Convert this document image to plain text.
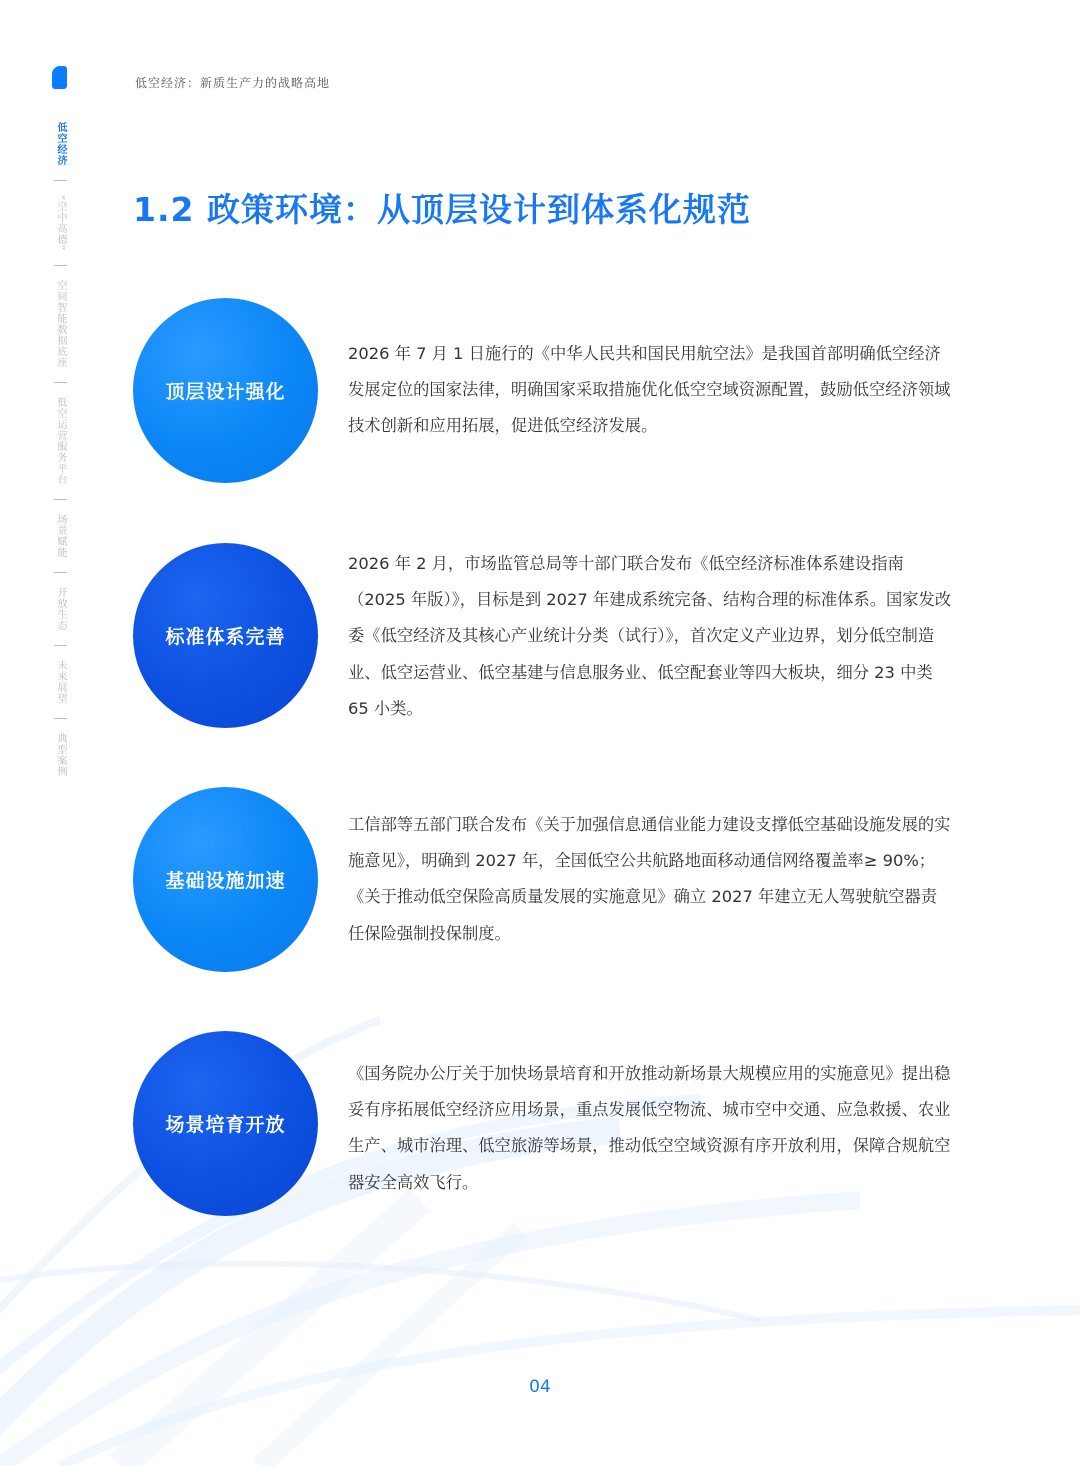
低空经济：新质生产力的战略高地
低空经济
“空中高德”
空间智能数据底座
低空运营服务平台
场景赋能
开放生态
未来展望
典型案例
1.2 政策环境：从顶层设计到体系化规范
顶层设计强化

2026 年 7 月 1 日施行的《中华人民共和国民用航空法》是我国首部明确低空经济发展定位的国家法律，明确国家采取措施优化低空空域资源配置，鼓励低空经济领域技术创新和应用拓展，促进低空经济发展。

标准体系完善

2026 年 2 月，市场监管总局等十部门联合发布《低空经济标准体系建设指南（2025 年版）》，目标是到 2027 年建成系统完备、结构合理的标准体系。国家发改委《低空经济及其核心产业统计分类（试行）》，首次定义产业边界，划分低空制造业、低空运营业、低空基建与信息服务业、低空配套业等四大板块，细分 23 中类 65 小类。

基础设施加速

工信部等五部门联合发布《关于加强信息通信业能力建设支撑低空基础设施发展的实施意见》，明确到 2027 年，全国低空公共航路地面移动通信网络覆盖率≥ 90%；《关于推动低空保险高质量发展的实施意见》确立 2027 年建立无人驾驶航空器责任保险强制投保制度。

场景培育开放

《国务院办公厅关于加快场景培育和开放推动新场景大规模应用的实施意见》提出稳妥有序拓展低空经济应用场景，重点发展低空物流、城市空中交通、应急救援、农业生产、城市治理、低空旅游等场景，推动低空空域资源有序开放利用，保障合规航空器安全高效飞行。

04
